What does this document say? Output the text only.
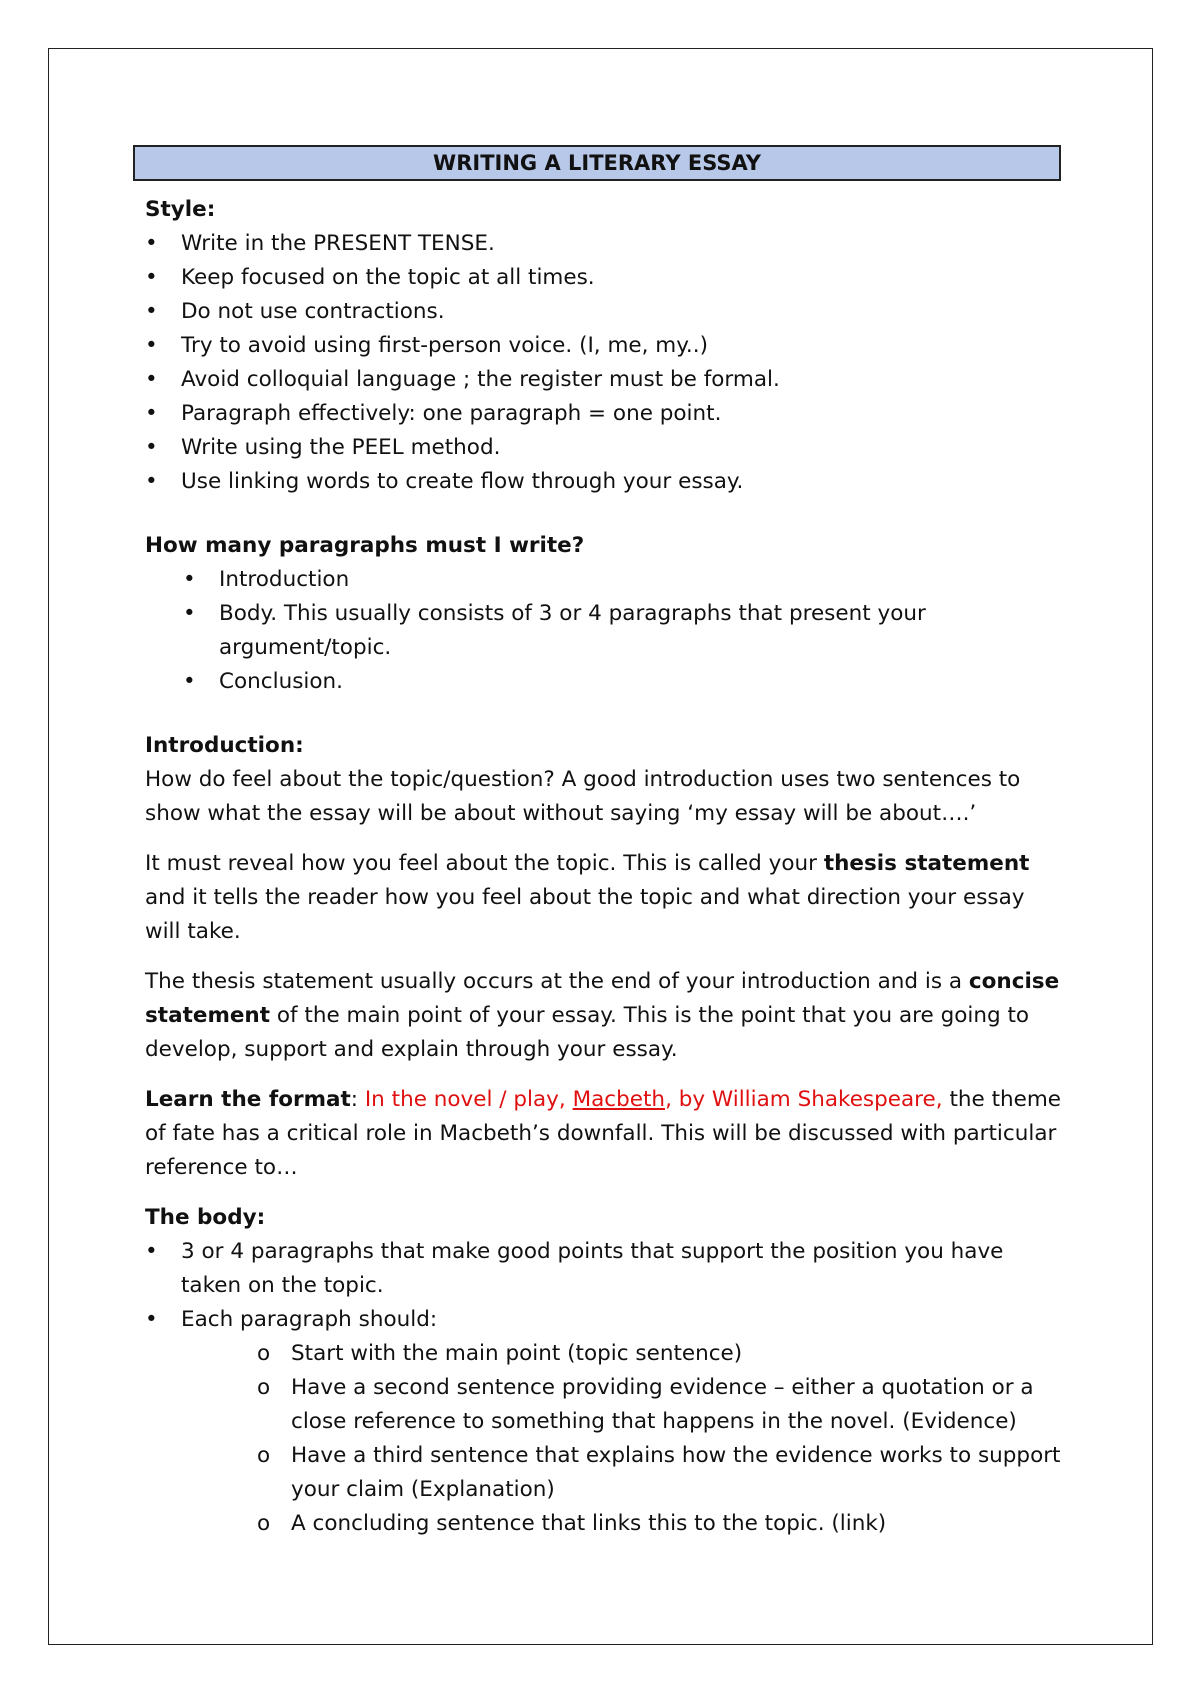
WRITING A LITERARY ESSAY

Style:

• Write in the PRESENT TENSE.
• Keep focused on the topic at all times.
• Do not use contractions.
• Try to avoid using first-person voice. (I, me, my..)
• Avoid colloquial language ; the register must be formal.
• Paragraph effectively: one paragraph = one point.
• Write using the PEEL method.
• Use linking words to create flow through your essay.

How many paragraphs must I write?

• Introduction
• Body. This usually consists of 3 or 4 paragraphs that present your argument/topic.
• Conclusion.

Introduction:

How do feel about the topic/question? A good introduction uses two sentences to show what the essay will be about without saying ‘my essay will be about….’

It must reveal how you feel about the topic. This is called your thesis statement and it tells the reader how you feel about the topic and what direction your essay will take.

The thesis statement usually occurs at the end of your introduction and is a concise statement of the main point of your essay. This is the point that you are going to develop, support and explain through your essay.

Learn the format: In the novel / play, Macbeth, by William Shakespeare, the theme of fate has a critical role in Macbeth’s downfall. This will be discussed with particular reference to…

The body:

• 3 or 4 paragraphs that make good points that support the position you have taken on the topic.
• Each paragraph should:
o Start with the main point (topic sentence)
o Have a second sentence providing evidence – either a quotation or a close reference to something that happens in the novel. (Evidence)
o Have a third sentence that explains how the evidence works to support your claim (Explanation)
o A concluding sentence that links this to the topic. (link)
